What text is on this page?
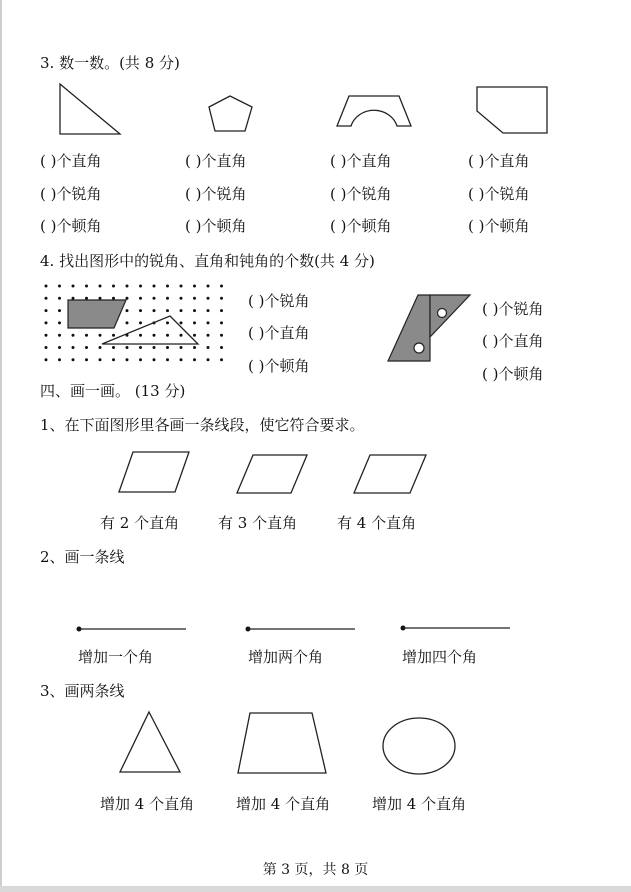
3. 数一数。(共 8 分)
( )个直角	( )个直角	( )个直角	( )个直角
( )个锐角	( )个锐角	( )个锐角	( )个锐角
( )个顿角	( )个顿角	( )个顿角	( )个顿角
4. 找出图形中的锐角、直角和钝角的个数(共 4 分)
( )个锐角
( )个直角
( )个顿角
( )个锐角
( )个直角
( )个顿角
四、画一画。 (13 分)
1、在下面图形里各画一条线段，使它符合要求。
有 2 个直角	有 3 个直角	有 4 个直角
2、画一条线
增加一个角	增加两个角	增加四个角
3、画两条线
增加 4 个直角	增加 4 个直角	增加 4 个直角
第 3 页，共 8 页
